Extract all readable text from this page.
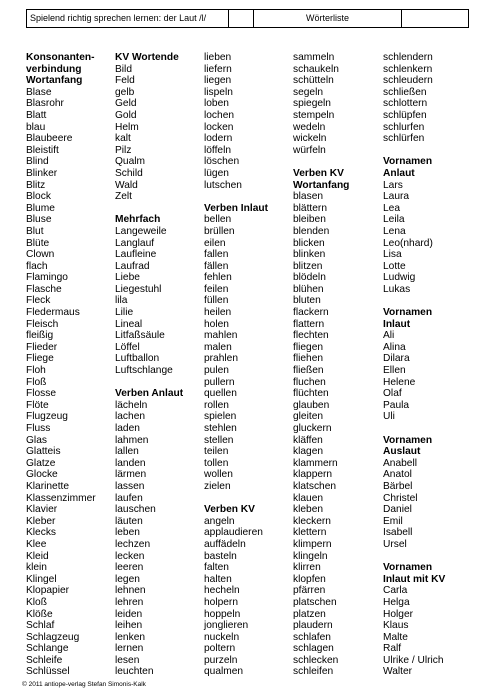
Spielend richtig sprechen lernen: der Laut /l/	Wörterliste
Konsonanten-
verbindung
Wortanfang
Blase
Blasrohr
Blatt
blau
Blaubeere
Bleistift
Blind
Blinker
Blitz
Block
Blume
Bluse
Blut
Blüte
Clown
flach
Flamingo
Flasche
Fleck
Fledermaus
Fleisch
fleißig
Flieder
Fliege
Floh
Floß
Flosse
Flöte
Flugzeug
Fluss
Glas
Glatteis
Glatze
Glocke
Klarinette
Klassenzimmer
Klavier
Kleber
Klecks
Klee
Kleid
klein
Klingel
Klopapier
Kloß
Klöße
Schlaf
Schlagzeug
Schlange
Schleife
Schlüssel
KV Wortende
Bild
Feld
gelb
Geld
Gold
Helm
kalt
Pilz
Qualm
Schild
Wald
Zelt
Mehrfach
Langeweile
Langlauf
Laufleine
Laufrad
Liebe
Liegestuhl
lila
Lilie
Lineal
Litfaßsäule
Löffel
Luftballon
Luftschlange
Verben Anlaut
lächeln
lachen
laden
lahmen
lallen
landen
lärmen
lassen
laufen
lauschen
läuten
leben
lechzen
lecken
leeren
legen
lehnen
lehren
leiden
leihen
lenken
lernen
lesen
leuchten
lieben
liefern
liegen
lispeln
loben
lochen
locken
lodern
löffeln
löschen
lügen
lutschen
Verben Inlaut
bellen
brüllen
eilen
fallen
fällen
fehlen
feilen
füllen
heilen
holen
mahlen
malen
prahlen
pulen
pullern
quellen
rollen
spielen
stehlen
stellen
teilen
tollen
wollen
zielen
Verben KV
angeln
applaudieren
auffädeln
basteln
falten
halten
hecheln
holpern
hoppeln
jonglieren
nuckeln
poltern
purzeln
qualmen
sammeln
schaukeln
schütteln
segeln
spiegeln
stempeln
wedeln
wickeln
würfeln
Verben KV
Wortanfang
blasen
blättern
bleiben
blenden
blicken
blinken
blitzen
blödeln
blühen
bluten
flackern
flattern
flechten
fliegen
fliehen
fließen
fluchen
flüchten
glauben
gleiten
gluckern
kläffen
klagen
klammern
klappern
klatschen
klauen
kleben
kleckern
klettern
klimpern
klingeln
klirren
klopfen
pfärren
platschen
platzen
plaudern
schlafen
schlagen
schlecken
schleifen
schlendern
schlenkern
schleudern
schließen
schlottern
schlüpfen
schlurfen
schlürfen
Vornamen
Anlaut
Lars
Laura
Lea
Leila
Lena
Leo(nhard)
Lisa
Lotte
Ludwig
Lukas
Vornamen
Inlaut
Ali
Alina
Dilara
Ellen
Helene
Olaf
Paula
Uli
Vornamen
Auslaut
Anabell
Anatol
Bärbel
Christel
Daniel
Emil
Isabell
Ursel
Vornamen
Inlaut mit KV
Carla
Helga
Holger
Klaus
Malte
Ralf
Ulrike / Ulrich
Walter
© 2011 antiope-verlag Stefan Simonis-Kalk
